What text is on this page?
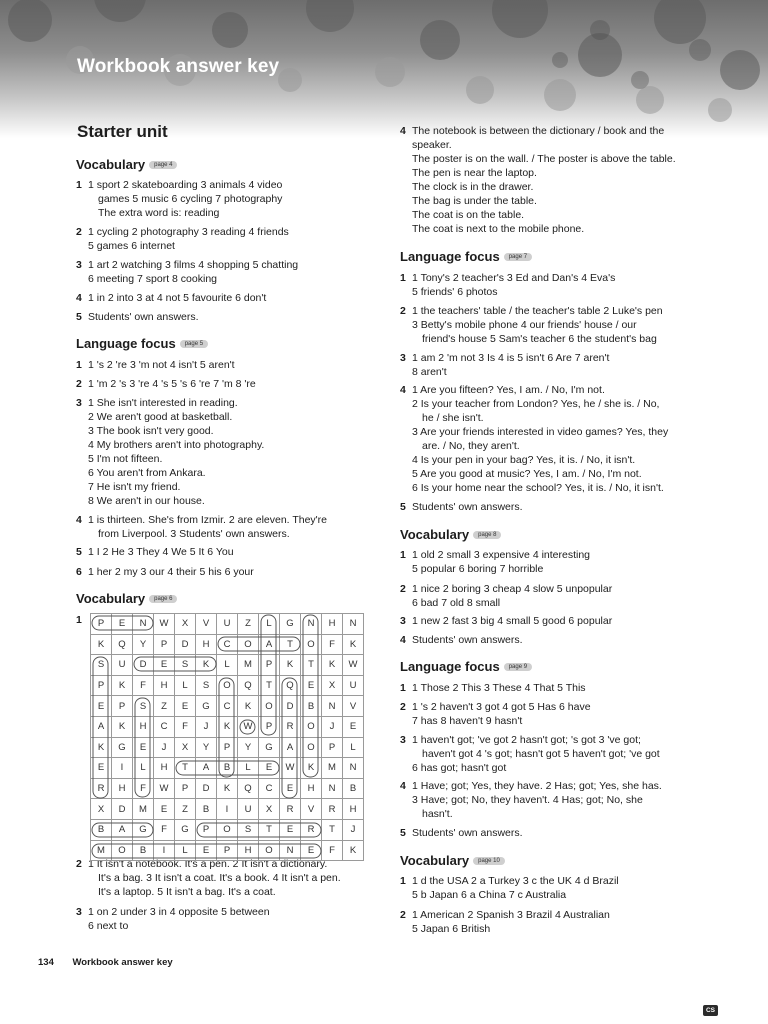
Workbook answer key
Starter unit
Vocabulary page 4
1 1 sport 2 skateboarding 3 animals 4 video
games 5 music 6 cycling 7 photography
The extra word is: reading
2 1 cycling 2 photography 3 reading 4 friends
5 games 6 internet
3 1 art 2 watching 3 films 4 shopping 5 chatting
6 meeting 7 sport 8 cooking
4 1 in 2 into 3 at 4 not 5 favourite 6 don't
5 Students' own answers.
Language focus page 5
1 1 's 2 're 3 'm not 4 isn't 5 aren't
2 1 'm 2 's 3 're 4 's 5 's 6 're 7 'm 8 're
3 1 She isn't interested in reading.
2 We aren't good at basketball.
3 The book isn't very good.
4 My brothers aren't into photography.
5 I'm not fifteen.
6 You aren't from Ankara.
7 He isn't my friend.
8 We aren't in our house.
4 1 is thirteen. She's from Izmir. 2 are eleven. They're
from Liverpool. 3 Students' own answers.
5 1 I 2 He 3 They 4 We 5 It 6 You
6 1 her 2 my 3 our 4 their 5 his 6 your
Vocabulary page 6
2 1 It isn't a notebook. It's a pen. 2 It isn't a dictionary.
It's a bag. 3 It isn't a coat. It's a book. 4 It isn't a pen.
It's a laptop. 5 It isn't a bag. It's a coat.
3 1 on 2 under 3 in 4 opposite 5 between
6 next to
4 The notebook is between the dictionary / book and the
speaker.
The poster is on the wall. / The poster is above the table.
The pen is near the laptop.
The clock is in the drawer.
The bag is under the table.
The coat is on the table.
The coat is next to the mobile phone.
Language focus page 7
1 1 Tony's 2 teacher's 3 Ed and Dan's 4 Eva's
5 friends' 6 photos
2 1 the teachers' table / the teacher's table 2 Luke's pen
3 Betty's mobile phone 4 our friends' house / our
friend's house 5 Sam's teacher 6 the student's bag
3 1 am 2 'm not 3 Is 4 is 5 isn't 6 Are 7 aren't
8 aren't
4 1 Are you fifteen? Yes, I am. / No, I'm not.
2 Is your teacher from London? Yes, he / she is. / No,
he / she isn't.
3 Are your friends interested in video games? Yes, they
are. / No, they aren't.
4 Is your pen in your bag? Yes, it is. / No, it isn't.
5 Are you good at music? Yes, I am. / No, I'm not.
6 Is your home near the school? Yes, it is. / No, it isn't.
5 Students' own answers.
Vocabulary page 8
1 1 old 2 small 3 expensive 4 interesting
5 popular 6 boring 7 horrible
2 1 nice 2 boring 3 cheap 4 slow 5 unpopular
6 bad 7 old 8 small
3 1 new 2 fast 3 big 4 small 5 good 6 popular
4 Students' own answers.
Language focus page 9
1 1 Those 2 This 3 These 4 That 5 This
2 1 's 2 haven't 3 got 4 got 5 Has 6 have
7 has 8 haven't 9 hasn't
3 1 haven't got; 've got 2 hasn't got; 's got 3 've got;
haven't got 4 's got; hasn't got 5 haven't got; 've got
6 has got; hasn't got
4 1 Have; got; Yes, they have. 2 Has; got; Yes, she has.
3 Have; got; No, they haven't. 4 Has; got; No, she
hasn't.
5 Students' own answers.
Vocabulary page 10
1 1 d the USA 2 a Turkey 3 c the UK 4 d Brazil
5 b Japan 6 a China 7 c Australia
2 1 American 2 Spanish 3 Brazil 4 Australian
5 Japan 6 British
1 P	E	N	W	X	V	U	Z	L	G	N	H	N
K	Q	Y	P	D	H	C	O	A	T	O	F	K
S	U	D	E	S	K	L	M	P	K	T	K	W
P	K	F	H	L	S	O	Q	T	Q	E	X	U
E	P	S	Z	E	G	C	K	O	D	B	N	V
A	K	H	C	F	J	K	W	P	R	O	J	E
K	G	E	J	X	Y	P	Y	G	A	O	P	L
E	I	L	H	T	A	B	L	E	W	K	M	N
R	H	F	W	P	D	K	Q	C	E	H	N	B
X	D	M	E	Z	B	I	U	X	R	V	R	H
B	A	G	F	G	P	O	S	T	E	R	T	J
M	O	B	I	L	E	P	H	O	N	E	F	K
134 Workbook answer key
CS
